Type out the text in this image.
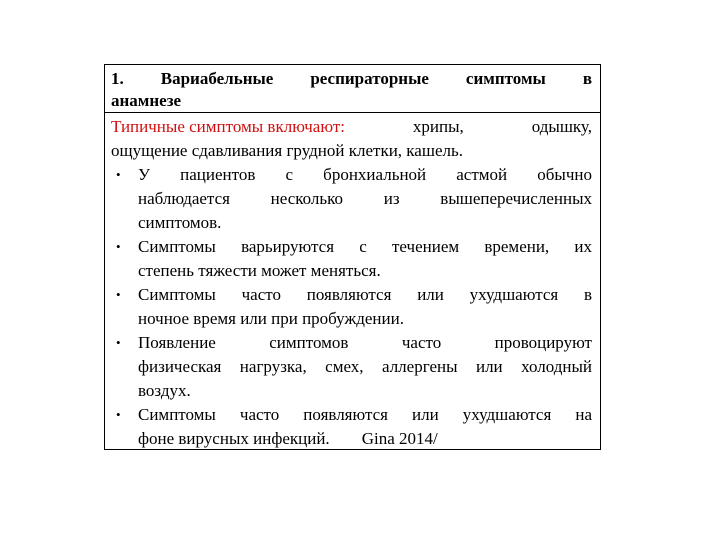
1. Вариабельные респираторные симптомы в
анамнезе
Типичные симптомы включают:	хрипы,	одышку,
ощущение сдавливания грудной клетки, кашель.
• У пациентов с бронхиальной астмой обычно
наблюдается несколько из вышеперечисленных
симптомов.
• Симптомы варьируются с течением времени, их
степень тяжести может меняться.
• Симптомы часто появляются или ухудшаются в
ночное время или при пробуждении.
• Появление симптомов часто провоцируют
физическая нагрузка, смех, аллергены или холодный
воздух.
• Симптомы часто появляются или ухудшаются на
фоне вирусных инфекций. Gina 2014/
